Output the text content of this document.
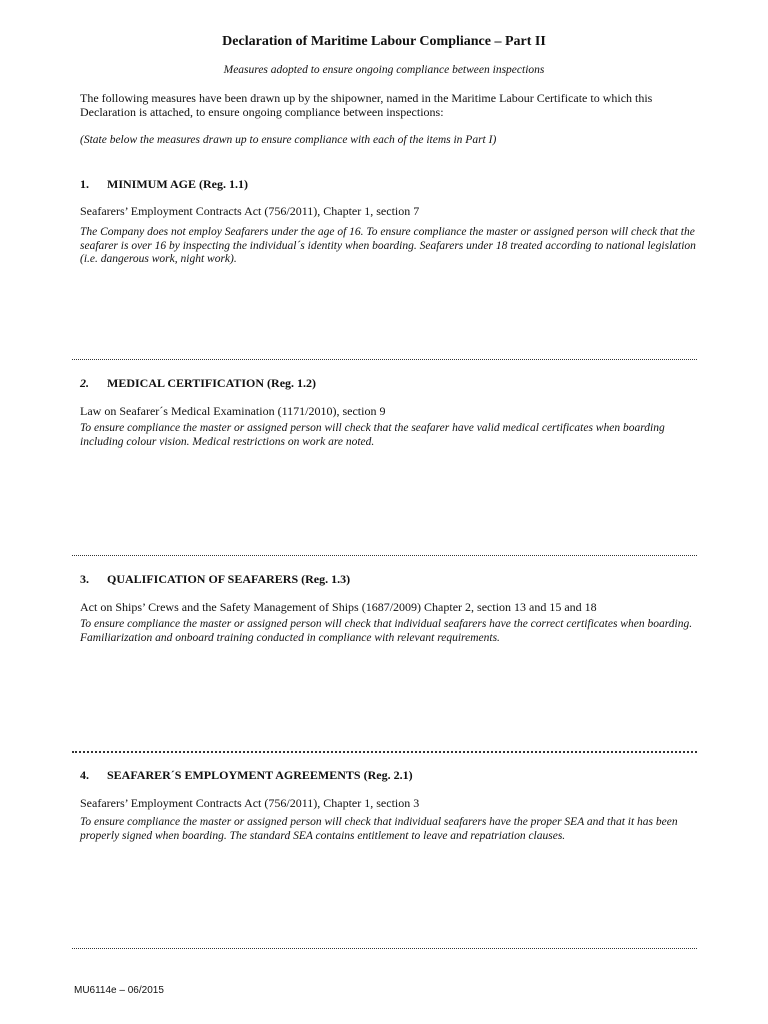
Declaration of Maritime Labour Compliance – Part II
Measures adopted to ensure ongoing compliance between inspections
The following measures have been drawn up by the shipowner, named in the Maritime Labour Certificate to which this Declaration is attached, to ensure ongoing compliance between inspections:
(State below the measures drawn up to ensure compliance with each of the items in Part I)

1. MINIMUM AGE (Reg. 1.1)

Seafarers’ Employment Contracts Act (756/2011), Chapter 1, section 7

The Company does not employ Seafarers under the age of 16. To ensure compliance the master or assigned person will check that the seafarer is over 16 by inspecting the individual´s identity when boarding. Seafarers under 18 treated according to national legislation (i.e. dangerous work, night work).

2. MEDICAL CERTIFICATION (Reg. 1.2)

Law on Seafarer´s Medical Examination (1171/2010), section 9

To ensure compliance the master or assigned person will check that the seafarer have valid medical certificates when boarding including colour vision. Medical restrictions on work are noted.

3. QUALIFICATION OF SEAFARERS (Reg. 1.3)

Act on Ships’ Crews and the Safety Management of Ships (1687/2009) Chapter 2, section 13 and 15 and 18

To ensure compliance the master or assigned person will check that individual seafarers have the correct certificates when boarding. Familiarization and onboard training conducted in compliance with relevant requirements.

4. SEAFARER´S EMPLOYMENT AGREEMENTS (Reg. 2.1)

Seafarers’ Employment Contracts Act (756/2011), Chapter 1, section 3

To ensure compliance the master or assigned person will check that individual seafarers have the proper SEA and that it has been properly signed when boarding. The standard SEA contains entitlement to leave and repatriation clauses.

MU6114e – 06/2015
